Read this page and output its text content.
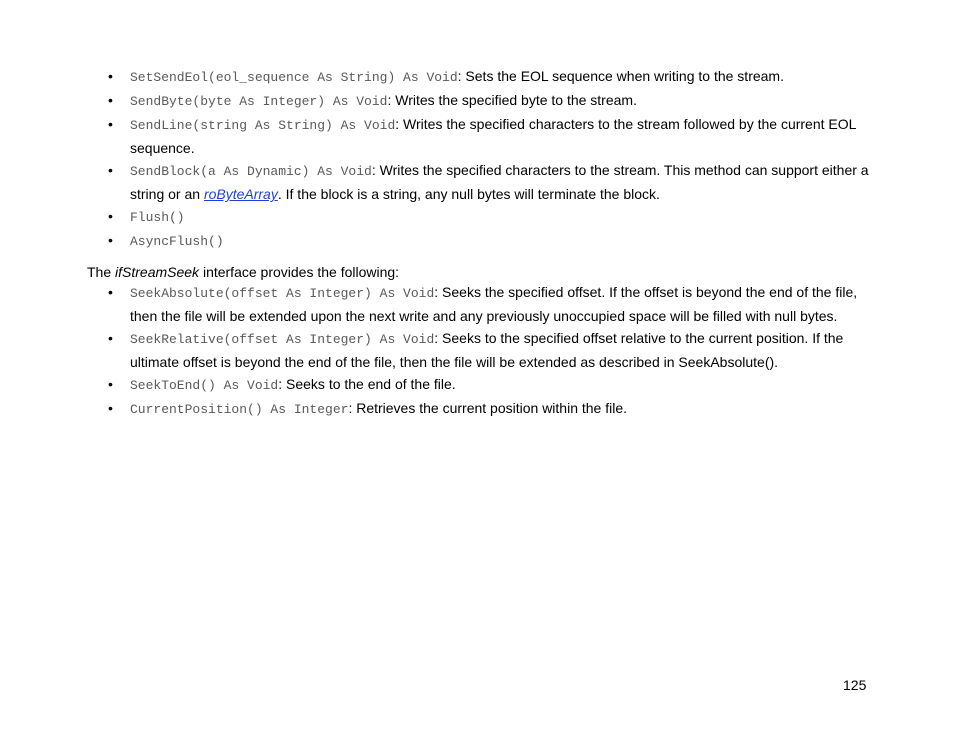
•	SetSendEol(eol_sequence As String) As Void: Sets the EOL sequence when writing to the stream.
•	SendByte(byte As Integer) As Void: Writes the specified byte to the stream.
•	SendLine(string As String) As Void: Writes the specified characters to the stream followed by the current EOL sequence.
•	SendBlock(a As Dynamic) As Void: Writes the specified characters to the stream. This method can support either a string or an roByteArray. If the block is a string, any null bytes will terminate the block.
•	Flush()
•	AsyncFlush()
The ifStreamSeek interface provides the following:
•	SeekAbsolute(offset As Integer) As Void: Seeks the specified offset. If the offset is beyond the end of the file, then the file will be extended upon the next write and any previously unoccupied space will be filled with null bytes.
•	SeekRelative(offset As Integer) As Void: Seeks to the specified offset relative to the current position. If the ultimate offset is beyond the end of the file, then the file will be extended as described in SeekAbsolute().
•	SeekToEnd() As Void: Seeks to the end of the file.
•	CurrentPosition() As Integer: Retrieves the current position within the file.
125
